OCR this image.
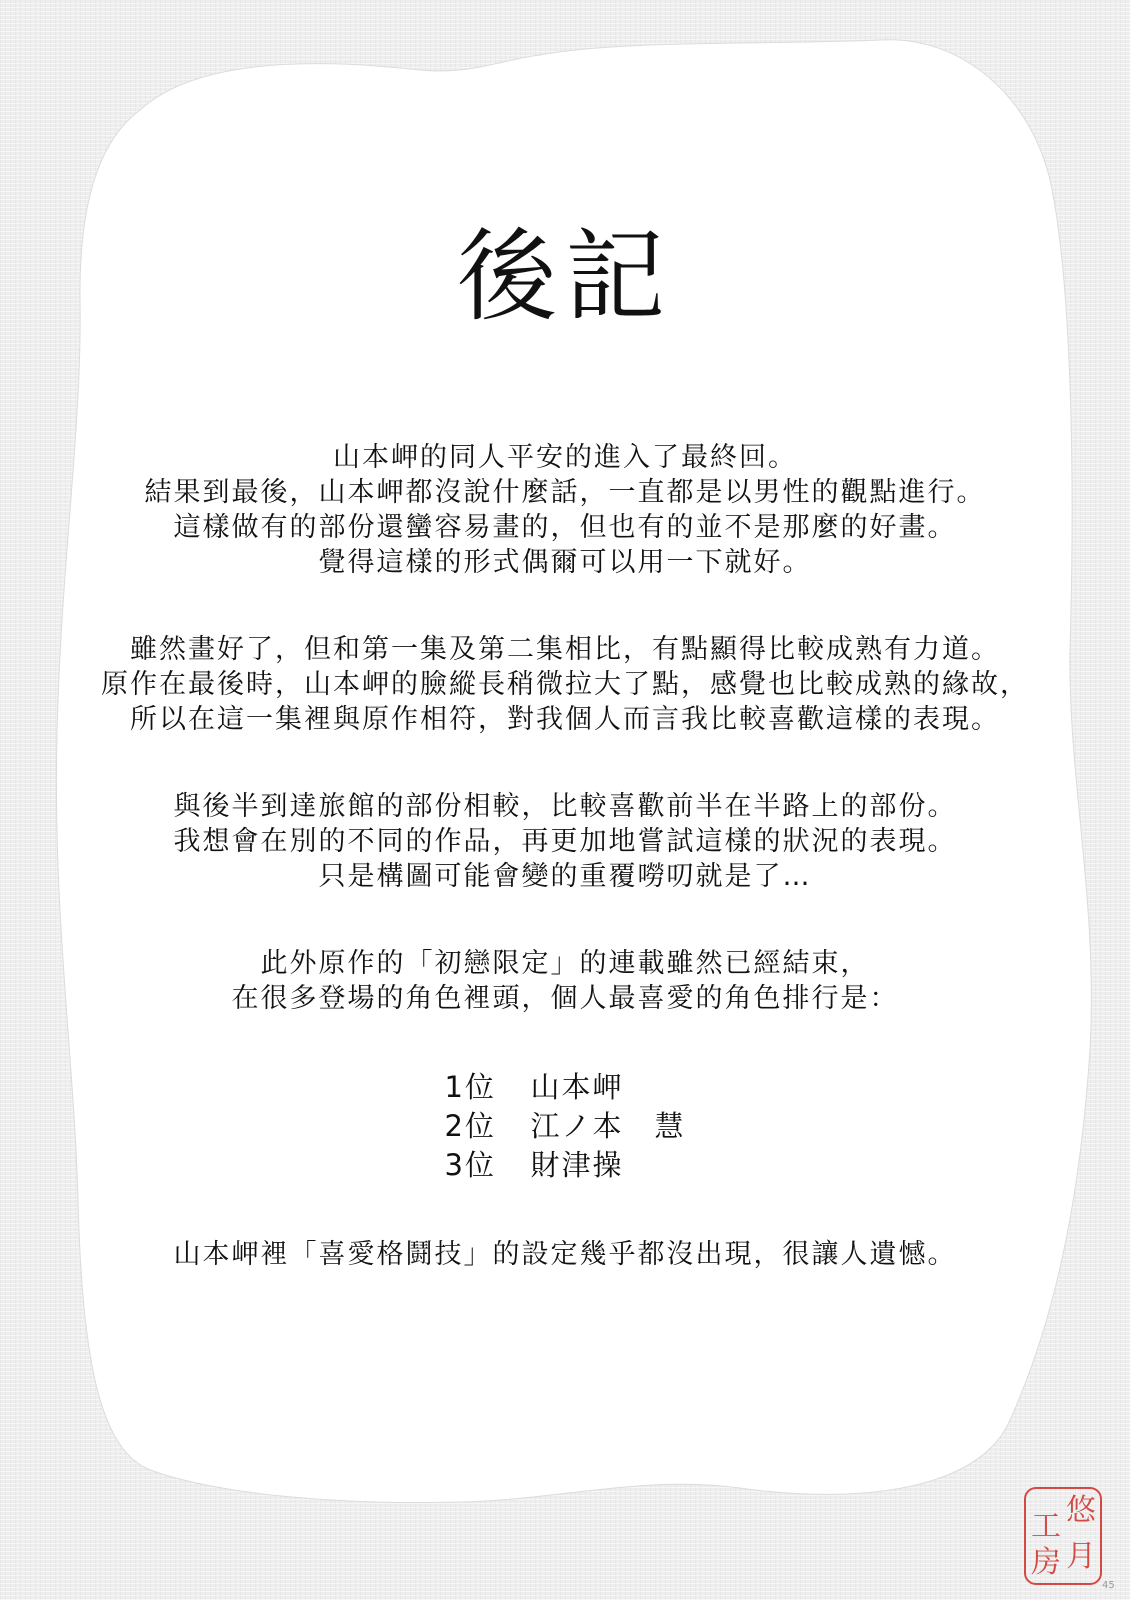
後記

山本岬的同人平安的進入了最終回。
結果到最後，山本岬都沒說什麼話，一直都是以男性的觀點進行。
這樣做有的部份還蠻容易畫的，但也有的並不是那麼的好畫。
覺得這樣的形式偶爾可以用一下就好。

雖然畫好了，但和第一集及第二集相比，有點顯得比較成熟有力道。
原作在最後時，山本岬的臉縱長稍微拉大了點，感覺也比較成熟的緣故，
所以在這一集裡與原作相符，對我個人而言我比較喜歡這樣的表現。

與後半到達旅館的部份相較，比較喜歡前半在半路上的部份。
我想會在別的不同的作品，再更加地嘗試這樣的狀況的表現。
只是構圖可能會變的重覆嘮叨就是了…

此外原作的「初戀限定」的連載雖然已經結束，
在很多登場的角色裡頭，個人最喜愛的角色排行是：

1位 山本岬
2位 江ノ本　慧
3位 財津操

山本岬裡「喜愛格鬪技」的設定幾乎都沒出現，很讓人遺憾。

悠
月
工
房
45
